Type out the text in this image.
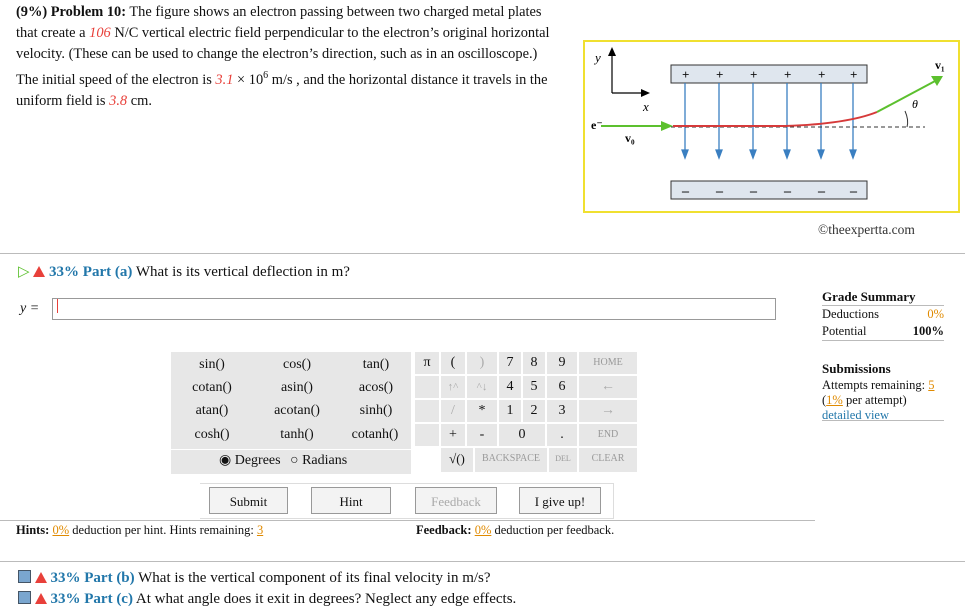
(9%) Problem 10: The figure shows an electron passing between two charged metal plates that create a 106 N/C vertical electric field perpendicular to the electron’s original horizontal velocity. (These can be used to change the electron’s direction, such as in an oscilloscope.) The initial speed of the electron is $3.1 \times 10^6$ m/s , and the horizontal distance it travels in the uniform field is 3.8 cm.
y
x
+ + + + + +
– – – – – –
e⁻
v₀
v₁
θ
©theexpertta.com
▷ 33% Part (a) What is its vertical deflection in m?
y =
Grade Summary
Deductions	0%
Potential	100%
Submissions
Attempts remaining: 5
(1% per attempt)
detailed view
sin()	cos()	tan()
cotan()	asin()	acos()
atan()	acotan()	sinh()
cosh()	tanh()	cotanh()
◉ Degrees ○ Radians
π	(	)	7	8	9	HOME
↑^	^↓	4	5	6	←
/	*	1	2	3	→
+	-	0	.	END
√()	BACKSPACE	DEL	CLEAR
Submit	Hint	Feedback	I give up!
Hints: 0% deduction per hint. Hints remaining: 3	Feedback: 0% deduction per feedback.
33% Part (b) What is the vertical component of its final velocity in m/s?
33% Part (c) At what angle does it exit in degrees? Neglect any edge effects.
